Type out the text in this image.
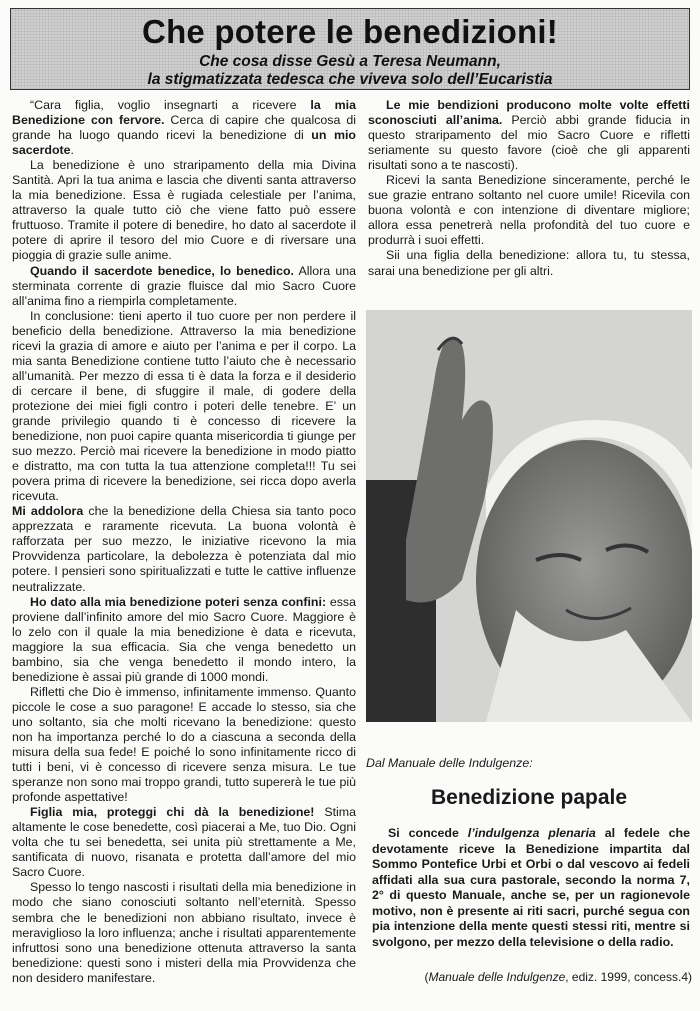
Che potere le benedizioni!
Che cosa disse Gesù a Teresa Neumann,
la stigmatizzata tedesca che viveva solo dell’Eucaristia

“Cara figlia, voglio insegnarti a ricevere la mia Benedizione con fervore. Cerca di capire che qualcosa di grande ha luogo quando ricevi la benedizione di un mio sacerdote.

La benedizione è uno straripamento della mia Divina Santità. Apri la tua anima e lascia che diventi santa attraverso la mia benedizione. Essa è rugiada celestiale per l’anima, attraverso la quale tutto ciò che viene fatto può essere fruttuoso. Tramite il potere di benedire, ho dato al sacerdote il potere di aprire il tesoro del mio Cuore e di riversare una pioggia di grazie sulle anime.

Quando il sacerdote benedice, lo benedico. Allora una sterminata corrente di grazie fluisce dal mio Sacro Cuore all’anima fino a riempirla completamente.

In conclusione: tieni aperto il tuo cuore per non perdere il beneficio della benedizione. Attraverso la mia benedizione ricevi la grazia di amore e aiuto per l’anima e per il corpo. La mia santa Benedizione contiene tutto l’aiuto che è necessario all’umanità. Per mezzo di essa ti è data la forza e il desiderio di cercare il bene, di sfuggire il male, di godere della protezione dei miei figli contro i poteri delle tenebre. E’ un grande privilegio quando ti è concesso di ricevere la benedizione, non puoi capire quanta misericordia ti giunge per suo mezzo. Perciò mai ricevere la benedizione in modo piatto e distratto, ma con tutta la tua attenzione completa!!! Tu sei povera prima di ricevere la benedizione, sei ricca dopo averla ricevuta.

Mi addolora che la benedizione della Chiesa sia tanto poco apprezzata e raramente ricevuta. La buona volontà è rafforzata per suo mezzo, le iniziative ricevono la mia Provvidenza particolare, la debolezza è potenziata dal mio potere. I pensieri sono spiritualizzati e tutte le cattive influenze neutralizzate.

Ho dato alla mia benedizione poteri senza confini: essa proviene dall’infinito amore del mio Sacro Cuore. Maggiore è lo zelo con il quale la mia benedizione è data e ricevuta, maggiore la sua efficacia. Sia che venga benedetto un bambino, sia che venga benedetto il mondo intero, la benedizione è assai più grande di 1000 mondi.

Rifletti che Dio è immenso, infinitamente immenso. Quanto piccole le cose a suo paragone! E accade lo stesso, sia che uno soltanto, sia che molti ricevano la benedizione: questo non ha importanza perché lo do a ciascuna a seconda della misura della sua fede! E poiché lo sono infinitamente ricco di tutti i beni, vi è concesso di ricevere senza misura. Le tue speranze non sono mai troppo grandi, tutto supererà le tue più profonde aspettative!

Figlia mia, proteggi chi dà la benedizione! Stima altamente le cose benedette, così piacerai a Me, tuo Dio. Ogni volta che tu sei benedetta, sei unita più strettamente a Me, santificata di nuovo, risanata e protetta dall’amore del mio Sacro Cuore.

Spesso lo tengo nascosti i risultati della mia benedizione in modo che siano conosciuti soltanto nell’eternità. Spesso sembra che le benedizioni non abbiano risultato, invece è meraviglioso la loro influenza; anche i risultati apparentemente infruttosi sono una benedizione ottenuta attraverso la santa benedizione: questi sono i misteri della mia Provvidenza che non desidero manifestare.

Le mie bendizioni producono molte volte effetti sconosciuti all’anima. Perciò abbi grande fiducia in questo straripamento del mio Sacro Cuore e rifletti seriamente su questo favore (cioè che gli apparenti risultati sono a te nascosti).

Ricevi la santa Benedizione sinceramente, perché le sue grazie entrano soltanto nel cuore umile! Ricevila con buona volontà e con intenzione di diventare migliore; allora essa penetrerà nella profondità del tuo cuore e produrrà i suoi effetti.

Sii una figlia della benedizione: allora tu, tu stessa, sarai una benedizione per gli altri.

Dal Manuale delle Indulgenze:
Benedizione papale

Si concede l’indulgenza plenaria al fedele che devotamente riceve la Benedizione impartita dal Sommo Pontefice Urbi et Orbi o dal vescovo ai fedeli affidati alla sua cura pastorale, secondo la norma 7, 2° di questo Manuale, anche se, per un ragionevole motivo, non è presente ai riti sacri, purché segua con pia intenzione della mente questi stessi riti, mentre si svolgono, per mezzo della televisione o della radio.

(Manuale delle Indulgenze, ediz. 1999, concess.4)
